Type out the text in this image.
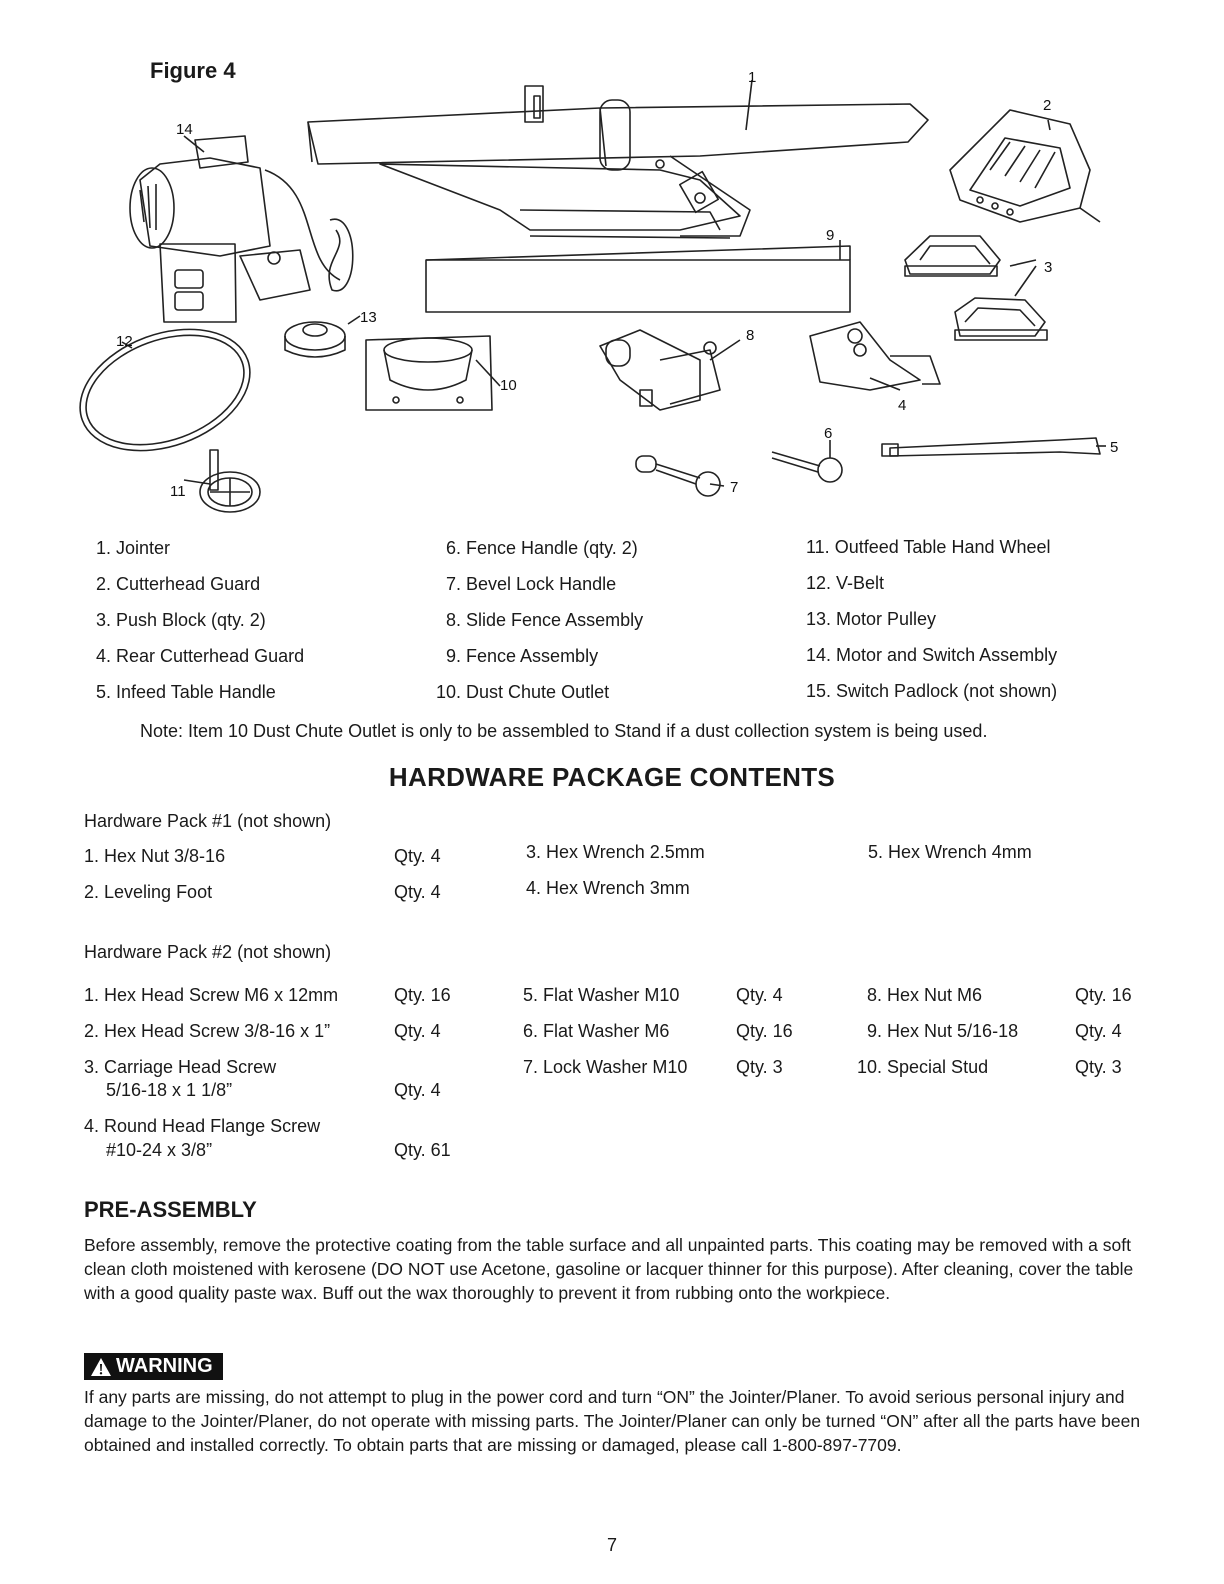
Figure 4	1
2
3
4
5
6
7
8
9
10
11
12
13
14
1. Jointer
2. Cutterhead Guard
3. Push Block (qty. 2)
4. Rear Cutterhead Guard
5. Infeed Table Handle
6. Fence Handle (qty. 2)
7. Bevel Lock Handle
8. Slide Fence Assembly
9. Fence Assembly
10. Dust Chute Outlet
11. Outfeed Table Hand Wheel
12. V-Belt
13. Motor Pulley
14. Motor and Switch Assembly
15. Switch Padlock (not shown)
Note: Item 10 Dust Chute Outlet is only to be assembled to Stand if a dust collection system is being used.
HARDWARE PACKAGE CONTENTS
Hardware Pack #1 (not shown)
1. Hex Nut 3/8-16	Qty. 4
2. Leveling Foot	Qty. 4
3. Hex Wrench 2.5mm
4. Hex Wrench 3mm
5. Hex Wrench 4mm
Hardware Pack #2 (not shown)
1. Hex Head Screw M6 x 12mm	Qty. 16
2. Hex Head Screw 3/8-16 x 1”	Qty. 4
3. Carriage Head Screw
5/16-18 x 1 1/8”	Qty. 4
4. Round Head Flange Screw
#10-24 x 3/8”	Qty. 61
5. Flat Washer M10	Qty. 4
6. Flat Washer M6	Qty. 16
7. Lock Washer M10	Qty. 3
8. Hex Nut M6	Qty. 16
9. Hex Nut 5/16-18	Qty. 4
10. Special Stud	Qty. 3
PRE-ASSEMBLY
Before assembly, remove the protective coating from the table surface and all unpainted parts. This coating may be removed with a soft clean cloth moistened with kerosene (DO NOT use Acetone, gasoline or lacquer thinner for this purpose). After cleaning, cover the table with a good quality paste wax. Buff out the wax thoroughly to prevent it from rubbing onto the workpiece.
WARNING
If any parts are missing, do not attempt to plug in the power cord and turn “ON” the Jointer/Planer. To avoid serious personal injury and damage to the Jointer/Planer, do not operate with missing parts. The Jointer/Planer can only be turned “ON” after all the parts have been obtained and installed correctly. To obtain parts that are missing or damaged, please call 1-800-897-7709.
7
